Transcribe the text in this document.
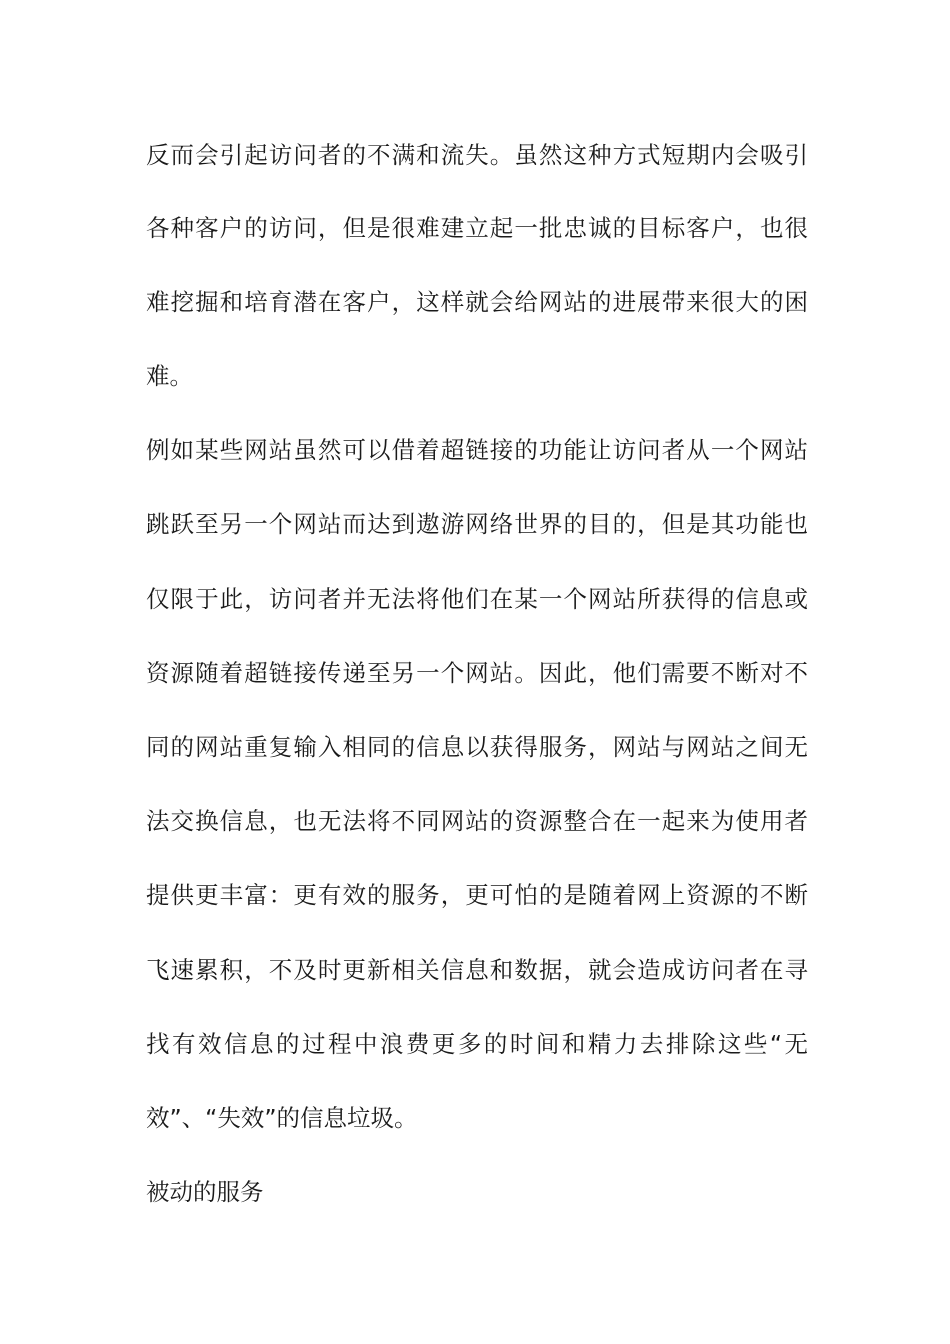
反而会引起访问者的不满和流失。虽然这种方式短期内会吸引
各种客户的访问，但是很难建立起一批忠诚的目标客户，也很
难挖掘和培育潜在客户，这样就会给网站的进展带来很大的困
难。
例如某些网站虽然可以借着超链接的功能让访问者从一个网站
跳跃至另一个网站而达到遨游网络世界的目的，但是其功能也
仅限于此，访问者并无法将他们在某一个网站所获得的信息或
资源随着超链接传递至另一个网站。因此，他们需要不断对不
同的网站重复输入相同的信息以获得服务，网站与网站之间无
法交换信息，也无法将不同网站的资源整合在一起来为使用者
提供更丰富：更有效的服务，更可怕的是随着网上资源的不断
飞速累积，不及时更新相关信息和数据，就会造成访问者在寻
找有效信息的过程中浪费更多的时间和精力去排除这些“无
效”、“失效”的信息垃圾。
被动的服务
